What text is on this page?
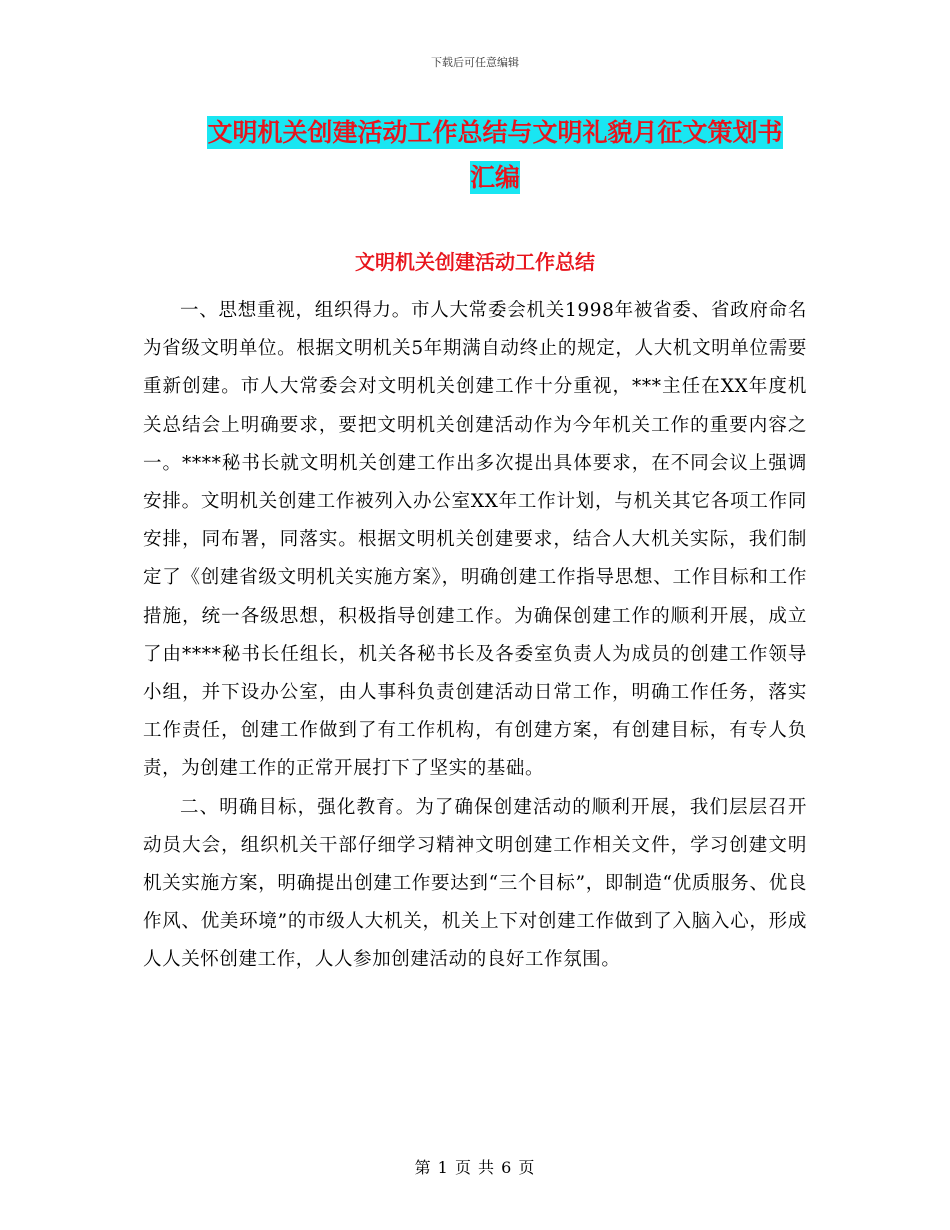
下载后可任意编辑
文明机关创建活动工作总结与文明礼貌月征文策划书
汇编
文明机关创建活动工作总结

一、思想重视，组织得力。市人大常委会机关1998年被省委、省政府命名为省级文明单位。根据文明机关5年期满自动终止的规定，人大机文明单位需要重新创建。市人大常委会对文明机关创建工作十分重视，***主任在XX年度机关总结会上明确要求，要把文明机关创建活动作为今年机关工作的重要内容之一。****秘书长就文明机关创建工作出多次提出具体要求，在不同会议上强调安排。文明机关创建工作被列入办公室XX年工作计划，与机关其它各项工作同安排，同布署，同落实。根据文明机关创建要求，结合人大机关实际，我们制定了《创建省级文明机关实施方案》，明确创建工作指导思想、工作目标和工作措施，统一各级思想，积极指导创建工作。为确保创建工作的顺利开展，成立了由****秘书长任组长，机关各秘书长及各委室负责人为成员的创建工作领导小组，并下设办公室，由人事科负责创建活动日常工作，明确工作任务，落实工作责任，创建工作做到了有工作机构，有创建方案，有创建目标，有专人负责，为创建工作的正常开展打下了坚实的基础。

二、明确目标，强化教育。为了确保创建活动的顺利开展，我们层层召开动员大会，组织机关干部仔细学习精神文明创建工作相关文件，学习创建文明机关实施方案，明确提出创建工作要达到“三个目标”，即制造“优质服务、优良作风、优美环境”的市级人大机关，机关上下对创建工作做到了入脑入心，形成人人关怀创建工作，人人参加创建活动的良好工作氛围。

第 1 页 共 6 页
